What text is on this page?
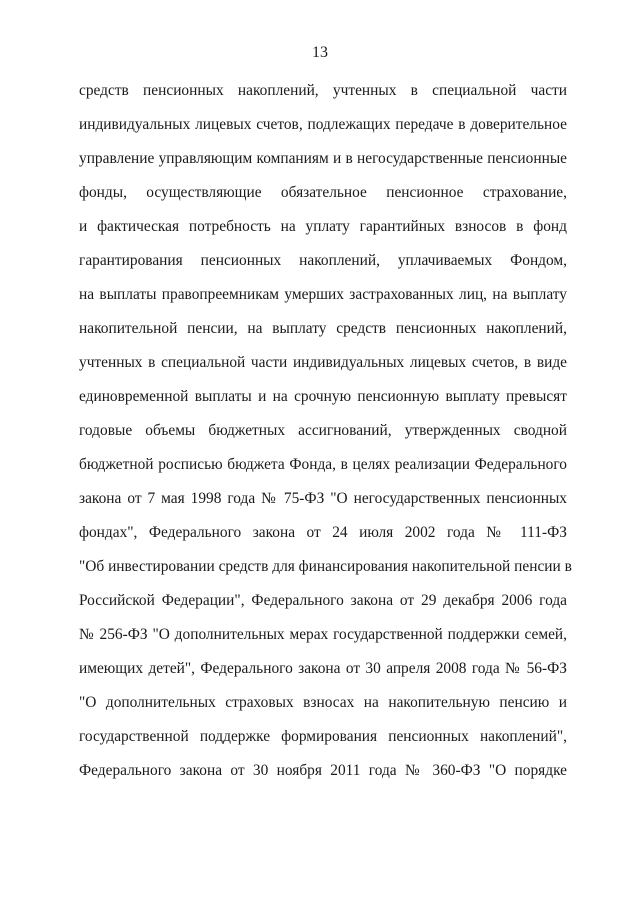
13
средств пенсионных накоплений, учтенных в специальной части
индивидуальных лицевых счетов, подлежащих передаче в доверительное
управление управляющим компаниям и в негосударственные пенсионные
фонды, осуществляющие обязательное пенсионное страхование,
и фактическая потребность на уплату гарантийных взносов в фонд
гарантирования пенсионных накоплений, уплачиваемых Фондом,
на выплаты правопреемникам умерших застрахованных лиц, на выплату
накопительной пенсии, на выплату средств пенсионных накоплений,
учтенных в специальной части индивидуальных лицевых счетов, в виде
единовременной выплаты и на срочную пенсионную выплату превысят
годовые объемы бюджетных ассигнований, утвержденных сводной
бюджетной росписью бюджета Фонда, в целях реализации Федерального
закона от 7 мая 1998 года № 75-ФЗ "О негосударственных пенсионных
фондах", Федерального закона от 24 июля 2002 года № 111-ФЗ
"Об инвестировании средств для финансирования накопительной пенсии в
Российской Федерации", Федерального закона от 29 декабря 2006 года
№ 256-ФЗ "О дополнительных мерах государственной поддержки семей,
имеющих детей", Федерального закона от 30 апреля 2008 года № 56-ФЗ
"О дополнительных страховых взносах на накопительную пенсию и
государственной поддержке формирования пенсионных накоплений",
Федерального закона от 30 ноября 2011 года № 360-ФЗ "О порядке
